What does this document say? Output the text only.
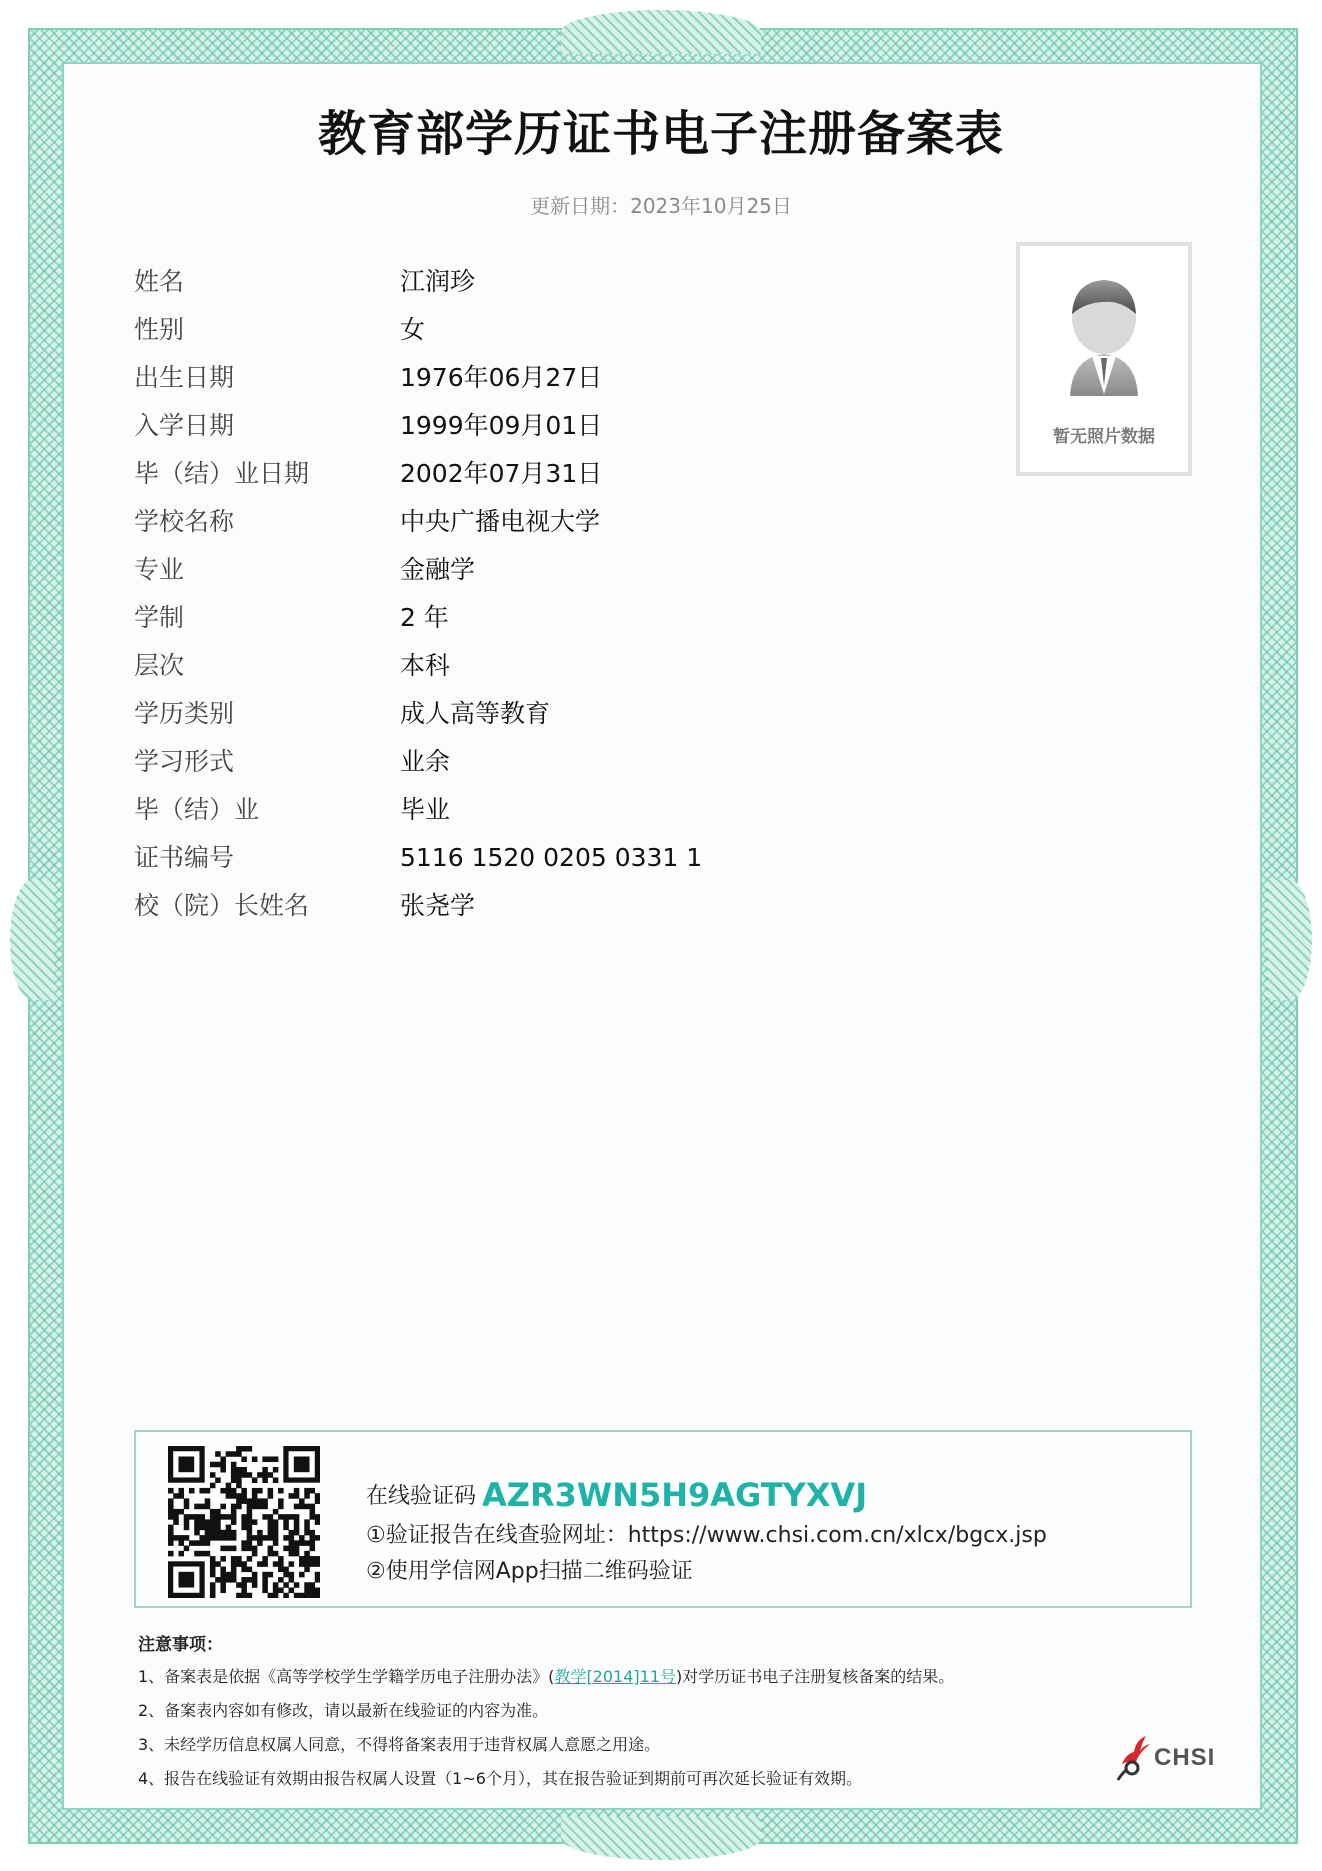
教育部学历证书电子注册备案表
更新日期：2023年10月25日
姓名	江润珍
性别	女
出生日期	1976年06月27日
入学日期	1999年09月01日
毕（结）业日期	2002年07月31日
学校名称	中央广播电视大学
专业	金融学
学制	2 年
层次	本科
学历类别	成人高等教育
学习形式	业余
毕（结）业	毕业
证书编号	5116 1520 0205 0331 1
校（院）长姓名	张尧学
暂无照片数据
在线验证码 AZR3WN5H9AGTYXVJ
①验证报告在线查验网址：https://www.chsi.com.cn/xlcx/bgcx.jsp
②使用学信网App扫描二维码验证
注意事项：
1、备案表是依据《高等学校学生学籍学历电子注册办法》(教学[2014]11号)对学历证书电子注册复核备案的结果。
2、备案表内容如有修改，请以最新在线验证的内容为准。
3、未经学历信息权属人同意，不得将备案表用于违背权属人意愿之用途。
4、报告在线验证有效期由报告权属人设置（1~6个月），其在报告验证到期前可再次延长验证有效期。
CHSI
